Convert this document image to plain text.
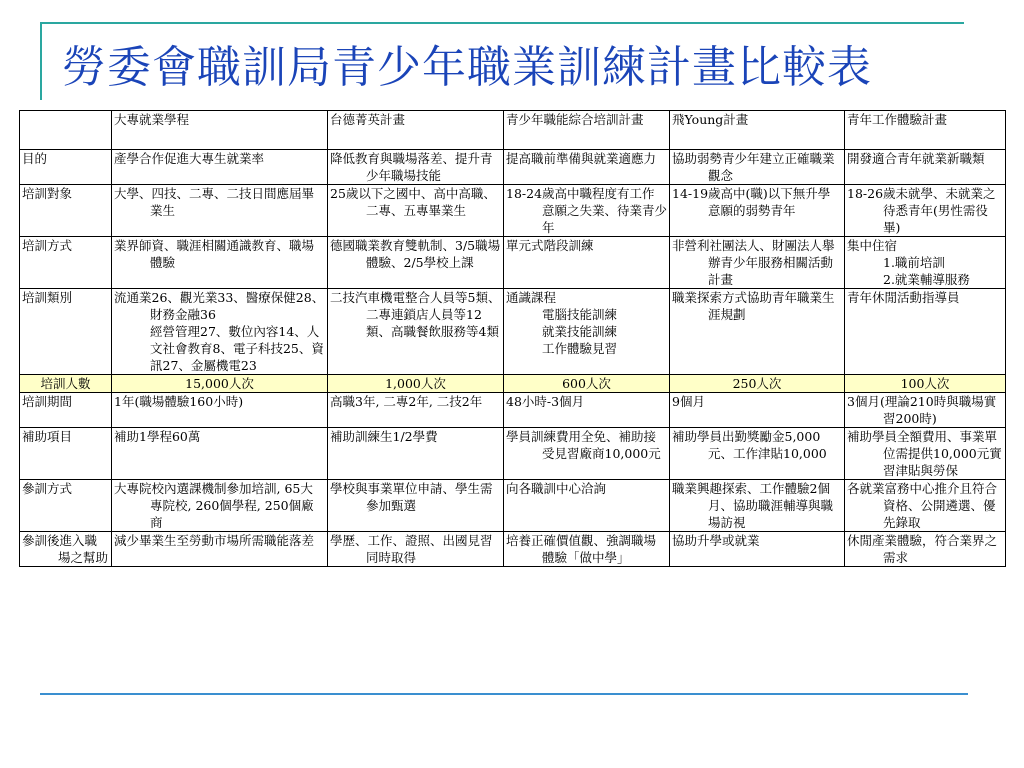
勞委會職訓局青少年職業訓練計畫比較表
	大專就業學程	台德菁英計畫	青少年職能綜合培訓計畫	飛Young計畫	青年工作體驗計畫
目的	產學合作促進大專生就業率	降低教育與職場落差、提升青少年職場技能	提高職前準備與就業適應力	協助弱勢青少年建立正確職業觀念	開發適合青年就業新職類
培訓對象	大學、四技、二專、二技日間應屆畢業生	25歲以下之國中、高中高職、二專、五專畢業生	18-24歲高中職程度有工作意願之失業、待業青少年	14-19歲高中(職)以下無升學意願的弱勢青年	18-26歲未就學、未就業之待悉青年(男性需役畢)
培訓方式	業界師資、職涯相關通識教育、職場體驗	德國職業教育雙軌制、3/5職場體驗、2/5學校上課	單元式階段訓練	非營利社團法人、財團法人舉辦青少年服務相關活動計畫	集中住宿
1.職前培訓
2.就業輔導服務
培訓類別	流通業26、觀光業33、醫療保健28、財務金融36
經營管理27、數位內容14、人文社會教育8、電子科技25、資訊27、金屬機電23	二技汽車機電整合人員等5類、二專連鎖店人員等12類、高職餐飲服務等4類	通識課程
電腦技能訓練
就業技能訓練
工作體驗見習	職業探索方式協助青年職業生涯規劃	青年休閒活動指導員
培訓人數	15,000人次	1,000人次	600人次	250人次	100人次
培訓期間	1年(職場體驗160小時)	高職3年, 二專2年, 二技2年	48小時-3個月	9個月	3個月(理論210時與職場實習200時)
補助項目	補助1學程60萬	補助訓練生1/2學費	學員訓練費用全免、補助接受見習廠商10,000元	補助學員出勤獎勵金5,000元、工作津貼10,000	補助學員全額費用、事業單位需提供10,000元實習津貼與勞保
參訓方式	大專院校內選課機制參加培訓, 65大專院校, 260個學程, 250個廠商	學校與事業單位申請、學生需參加甄選	向各職訓中心洽詢	職業興趣探索、工作體驗2個月、協助職涯輔導與職場訪視	各就業富務中心推介且符合資格、公開遴選、優先錄取
參訓後進入職場之幫助	減少畢業生至勞動市場所需職能落差	學歷、工作、證照、出國見習同時取得	培養正確價值觀、強調職場體驗「做中學」	協助升學或就業	休閒產業體驗，符合業界之需求
